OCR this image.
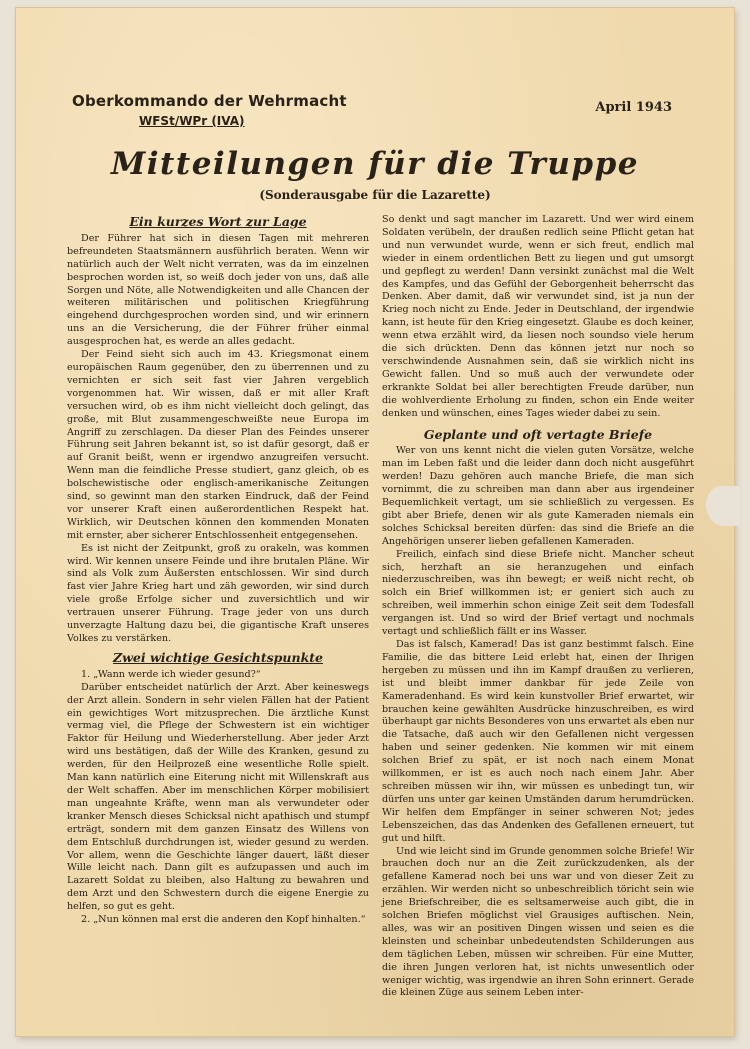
Oberkommando der Wehrmacht
WFSt/WPr (IVA)
April 1943
Mitteilungen für die Truppe
(Sonderausgabe für die Lazarette)
Ein kurzes Wort zur Lage

Der Führer hat sich in diesen Tagen mit mehreren befreundeten Staatsmännern ausführlich beraten. Wenn wir natürlich auch der Welt nicht verraten, was da im einzelnen besprochen worden ist, so weiß doch jeder von uns, daß alle Sorgen und Nöte, alle Notwendigkeiten und alle Chancen der weiteren militärischen und politischen Kriegführung eingehend durchgesprochen worden sind, und wir erinnern uns an die Versicherung, die der Führer früher einmal ausgesprochen hat, es werde an alles gedacht.

Der Feind sieht sich auch im 43. Kriegsmonat einem europäischen Raum gegenüber, den zu überrennen und zu vernichten er sich seit fast vier Jahren vergeblich vorgenommen hat. Wir wissen, daß er mit aller Kraft versuchen wird, ob es ihm nicht vielleicht doch gelingt, das große, mit Blut zusammengeschweißte neue Europa im Angriff zu zerschlagen. Da dieser Plan des Feindes unserer Führung seit Jahren bekannt ist, so ist dafür gesorgt, daß er auf Granit beißt, wenn er irgendwo anzugreifen versucht. Wenn man die feindliche Presse studiert, ganz gleich, ob es bolschewistische oder englisch-amerikanische Zeitungen sind, so gewinnt man den starken Eindruck, daß der Feind vor unserer Kraft einen außerordentlichen Respekt hat. Wirklich, wir Deutschen können den kommenden Monaten mit ernster, aber sicherer Entschlossenheit entgegensehen.

Es ist nicht der Zeitpunkt, groß zu orakeln, was kommen wird. Wir kennen unsere Feinde und ihre brutalen Pläne. Wir sind als Volk zum Äußersten entschlossen. Wir sind durch fast vier Jahre Krieg hart und zäh geworden, wir sind durch viele große Erfolge sicher und zuversichtlich und wir vertrauen unserer Führung. Trage jeder von uns durch unverzagte Haltung dazu bei, die gigantische Kraft unseres Volkes zu verstärken.

Zwei wichtige Gesichtspunkte

1. „Wann werde ich wieder gesund?“

Darüber entscheidet natürlich der Arzt. Aber keineswegs der Arzt allein. Sondern in sehr vielen Fällen hat der Patient ein gewichtiges Wort mitzusprechen. Die ärztliche Kunst vermag viel, die Pflege der Schwestern ist ein wichtiger Faktor für Heilung und Wiederherstellung. Aber jeder Arzt wird uns bestätigen, daß der Wille des Kranken, gesund zu werden, für den Heilprozeß eine wesentliche Rolle spielt. Man kann natürlich eine Eiterung nicht mit Willenskraft aus der Welt schaffen. Aber im menschlichen Körper mobilisiert man ungeahnte Kräfte, wenn man als verwundeter oder kranker Mensch dieses Schicksal nicht apathisch und stumpf erträgt, sondern mit dem ganzen Einsatz des Willens von dem Entschluß durchdrungen ist, wieder gesund zu werden. Vor allem, wenn die Geschichte länger dauert, läßt dieser Wille leicht nach. Dann gilt es aufzupassen und auch im Lazarett Soldat zu bleiben, also Haltung zu bewahren und dem Arzt und den Schwestern durch die eigene Energie zu helfen, so gut es geht.

2. „Nun können mal erst die anderen den Kopf hinhalten.“

So denkt und sagt mancher im Lazarett. Und wer wird einem Soldaten verübeln, der draußen redlich seine Pflicht getan hat und nun verwundet wurde, wenn er sich freut, endlich mal wieder in einem ordentlichen Bett zu liegen und gut umsorgt und gepflegt zu werden! Dann versinkt zunächst mal die Welt des Kampfes, und das Gefühl der Geborgenheit beherrscht das Denken. Aber damit, daß wir verwundet sind, ist ja nun der Krieg noch nicht zu Ende. Jeder in Deutschland, der irgendwie kann, ist heute für den Krieg eingesetzt. Glaube es doch keiner, wenn etwa erzählt wird, da liesen noch soundso viele herum die sich drückten. Denn das können jetzt nur noch so verschwindende Ausnahmen sein, daß sie wirklich nicht ins Gewicht fallen. Und so muß auch der verwundete oder erkrankte Soldat bei aller berechtigten Freude darüber, nun die wohlverdiente Erholung zu finden, schon ein Ende weiter denken und wünschen, eines Tages wieder dabei zu sein.

Geplante und oft vertagte Briefe

Wer von uns kennt nicht die vielen guten Vorsätze, welche man im Leben faßt und die leider dann doch nicht ausgeführt werden! Dazu gehören auch manche Briefe, die man sich vornimmt, die zu schreiben man dann aber aus irgendeiner Bequemlichkeit vertagt, um sie schließlich zu vergessen. Es gibt aber Briefe, denen wir als gute Kameraden niemals ein solches Schicksal bereiten dürfen: das sind die Briefe an die Angehörigen unserer lieben gefallenen Kameraden.

Freilich, einfach sind diese Briefe nicht. Mancher scheut sich, herzhaft an sie heranzugehen und einfach niederzuschreiben, was ihn bewegt; er weiß nicht recht, ob solch ein Brief willkommen ist; er geniert sich auch zu schreiben, weil immerhin schon einige Zeit seit dem Todesfall vergangen ist. Und so wird der Brief vertagt und nochmals vertagt und schließlich fällt er ins Wasser.

Das ist falsch, Kamerad! Das ist ganz bestimmt falsch. Eine Familie, die das bittere Leid erlebt hat, einen der Ihrigen hergeben zu müssen und ihn im Kampf draußen zu verlieren, ist und bleibt immer dankbar für jede Zeile von Kameradenhand. Es wird kein kunstvoller Brief erwartet, wir brauchen keine gewählten Ausdrücke hinzuschreiben, es wird überhaupt gar nichts Besonderes von uns erwartet als eben nur die Tatsache, daß auch wir den Gefallenen nicht vergessen haben und seiner gedenken. Nie kommen wir mit einem solchen Brief zu spät, er ist noch nach einem Monat willkommen, er ist es auch noch nach einem Jahr. Aber schreiben müssen wir ihn, wir müssen es unbedingt tun, wir dürfen uns unter gar keinen Umständen darum herumdrücken. Wir helfen dem Empfänger in seiner schweren Not; jedes Lebenszeichen, das das Andenken des Gefallenen erneuert, tut gut und hilft.

Und wie leicht sind im Grunde genommen solche Briefe! Wir brauchen doch nur an die Zeit zurückzudenken, als der gefallene Kamerad noch bei uns war und von dieser Zeit zu erzählen. Wir werden nicht so unbeschreiblich töricht sein wie jene Briefschreiber, die es seltsamerweise auch gibt, die in solchen Briefen möglichst viel Grausiges auftischen. Nein, alles, was wir an positiven Dingen wissen und seien es die kleinsten und scheinbar unbedeutendsten Schilderungen aus dem täglichen Leben, müssen wir schreiben. Für eine Mutter, die ihren Jungen verloren hat, ist nichts unwesentlich oder weniger wichtig, was irgendwie an ihren Sohn erinnert. Gerade die kleinen Züge aus seinem Leben inter-
